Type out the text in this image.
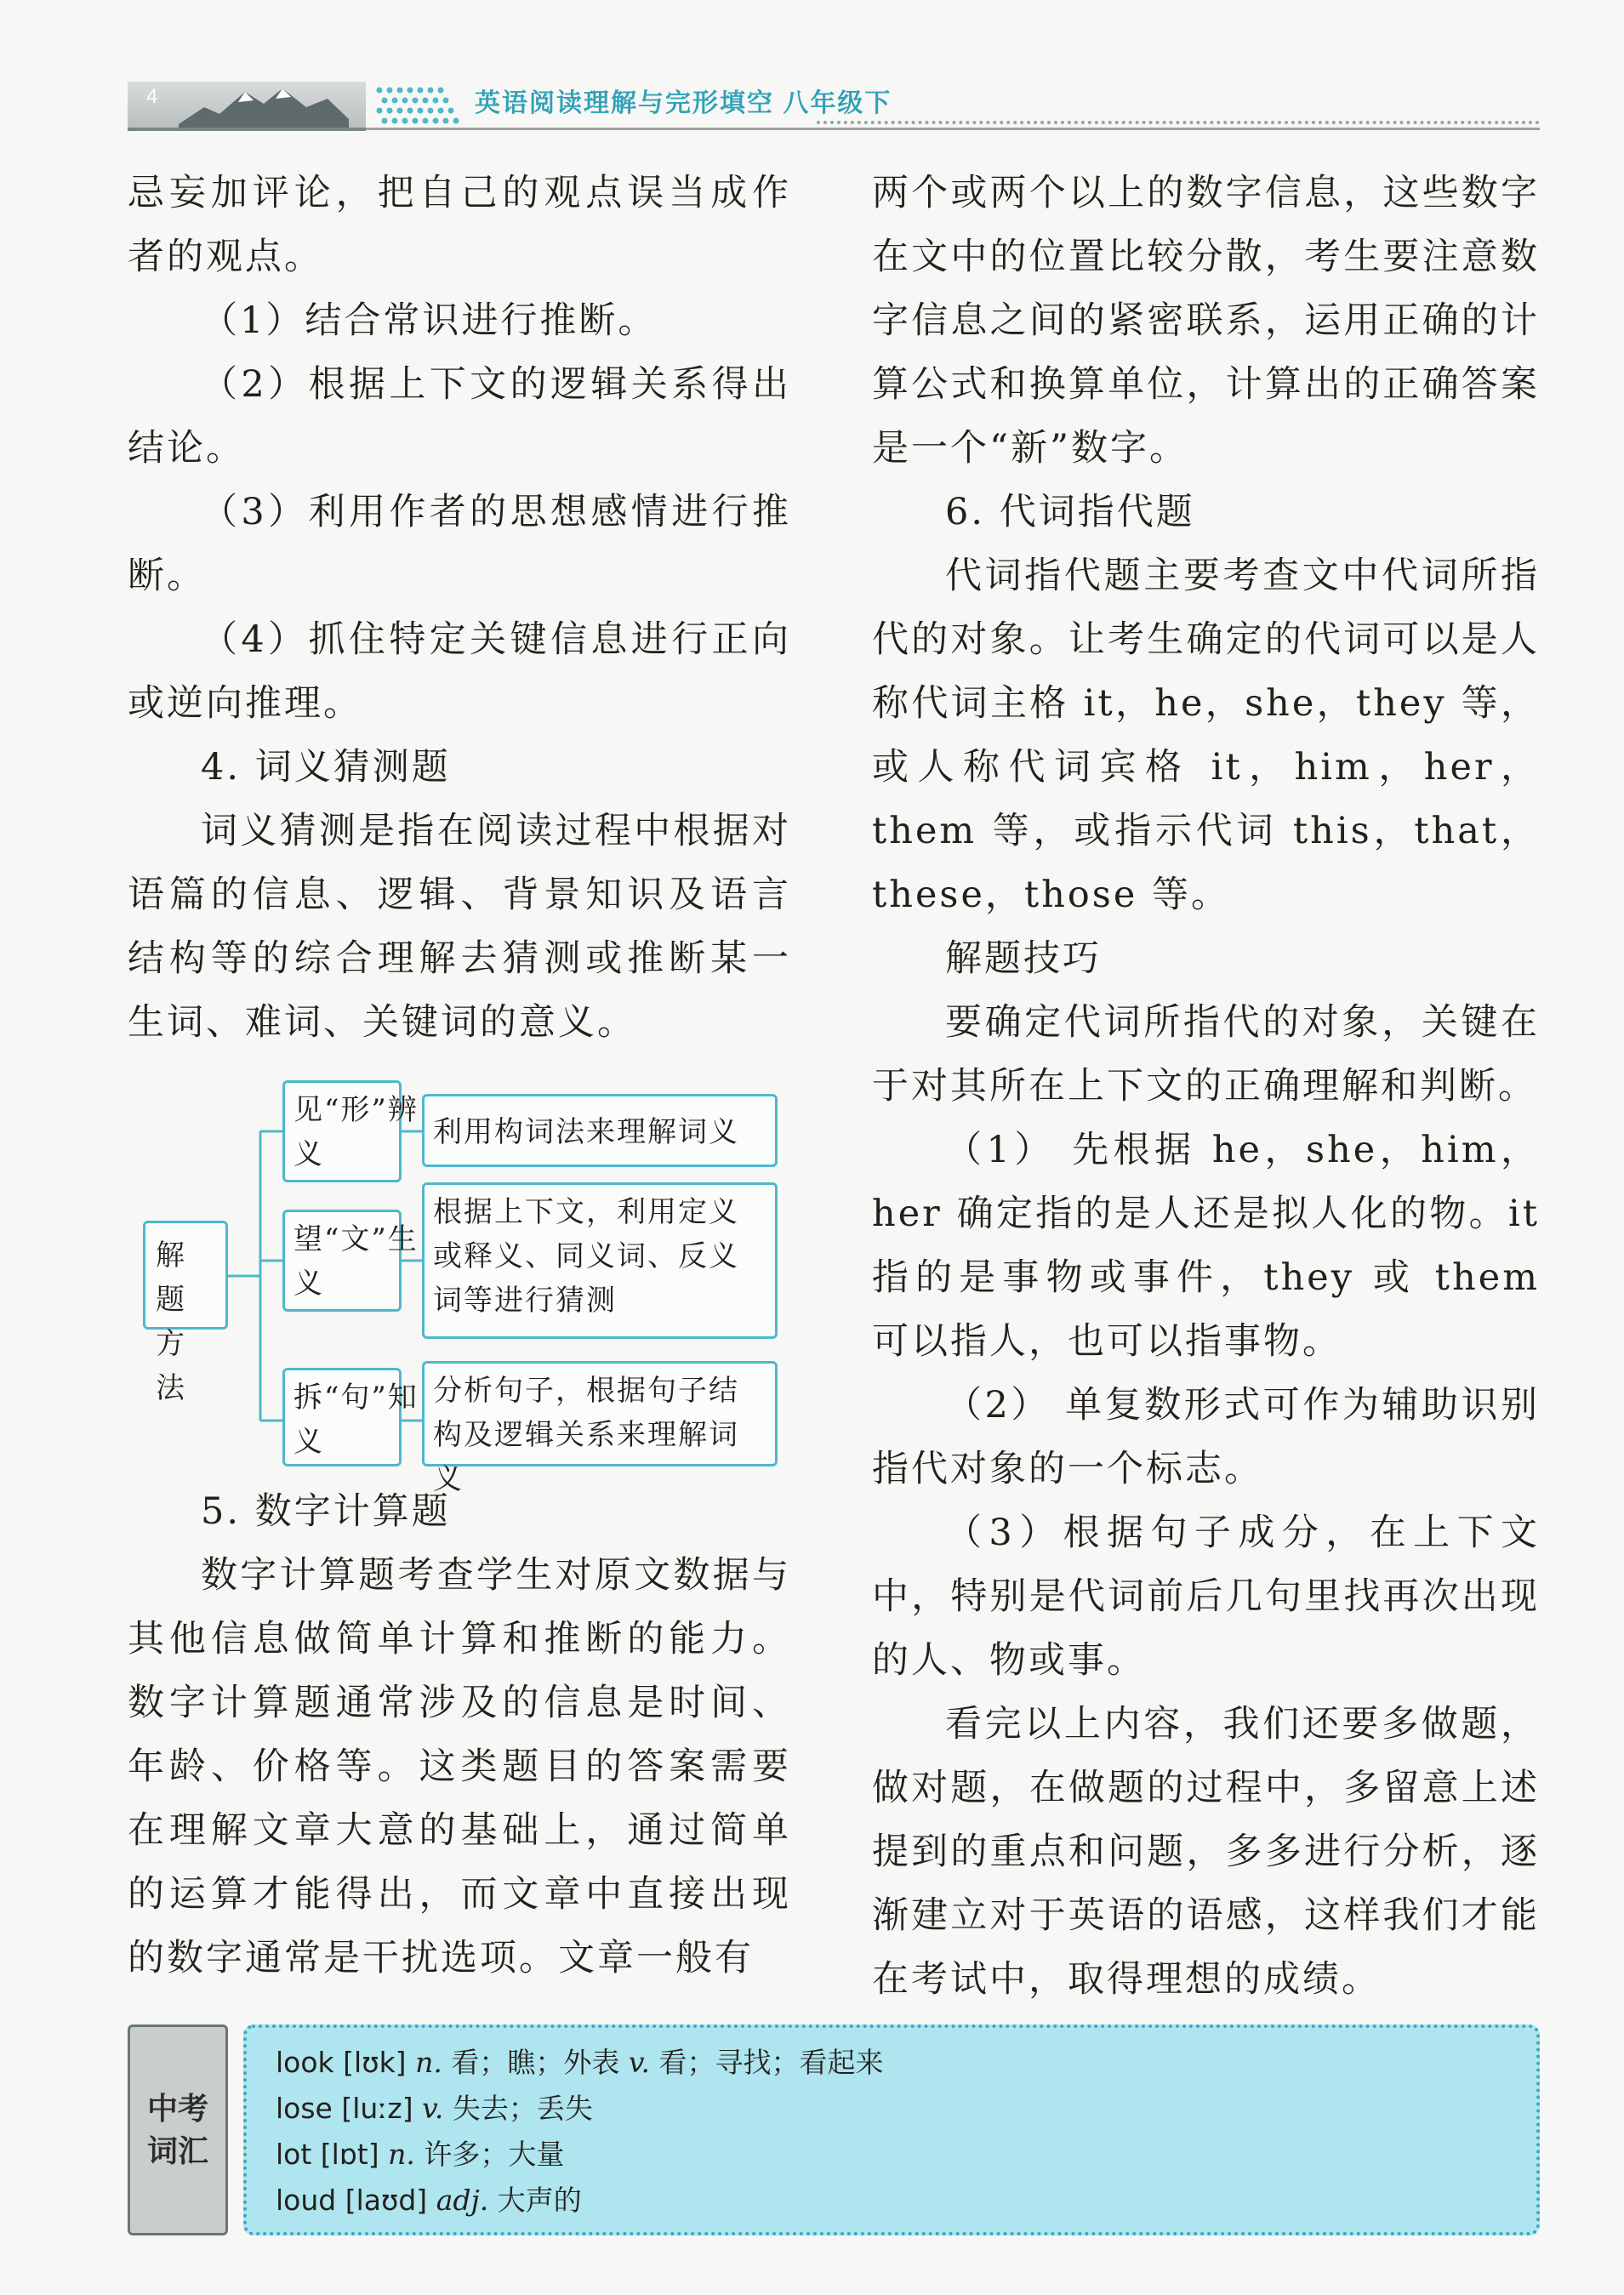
4	英语阅读理解与完形填空 八年级下

忌妄加评论，把自己的观点误当成作者的观点。

（1）结合常识进行推断。

（2）根据上下文的逻辑关系得出结论。

（3）利用作者的思想感情进行推断。

（4）抓住特定关键信息进行正向或逆向推理。

4. 词义猜测题

词义猜测是指在阅读过程中根据对语篇的信息、逻辑、背景知识及语言结构等的综合理解去猜测或推断某一生词、难词、关键词的意义。

解题方法
见“形”辨义
利用构词法来理解词义
望“文”生义
根据上下文，利用定义或释义、同义词、反义词等进行猜测
拆“句”知义
分析句子，根据句子结构及逻辑关系来理解词义

5. 数字计算题

数字计算题考查学生对原文数据与其他信息做简单计算和推断的能力。数字计算题通常涉及的信息是时间、年龄、价格等。这类题目的答案需要在理解文章大意的基础上，通过简单的运算才能得出，而文章中直接出现的数字通常是干扰选项。文章一般有

两个或两个以上的数字信息，这些数字在文中的位置比较分散，考生要注意数字信息之间的紧密联系，运用正确的计算公式和换算单位，计算出的正确答案是一个“新”数字。

6. 代词指代题

代词指代题主要考查文中代词所指代的对象。让考生确定的代词可以是人称代词主格 it，he，she，they 等，或人称代词宾格 it，him，her，them 等，或指示代词 this，that，these，those 等。

解题技巧

要确定代词所指代的对象，关键在于对其所在上下文的正确理解和判断。

（1） 先根据 he，she，him，her 确定指的是人还是拟人化的物。it 指的是事物或事件，they 或 them 可以指人，也可以指事物。

（2） 单复数形式可作为辅助识别指代对象的一个标志。

（3）根据句子成分，在上下文中，特别是代词前后几句里找再次出现的人、物或事。

看完以上内容，我们还要多做题，做对题，在做题的过程中，多留意上述提到的重点和问题，多多进行分析，逐渐建立对于英语的语感，这样我们才能在考试中，取得理想的成绩。

中考
词汇
look [lʊk] n. 看；瞧；外表 v. 看；寻找；看起来
lose [luːz] v. 失去；丢失
lot [lɒt] n. 许多；大量
loud [laʊd] adj. 大声的
